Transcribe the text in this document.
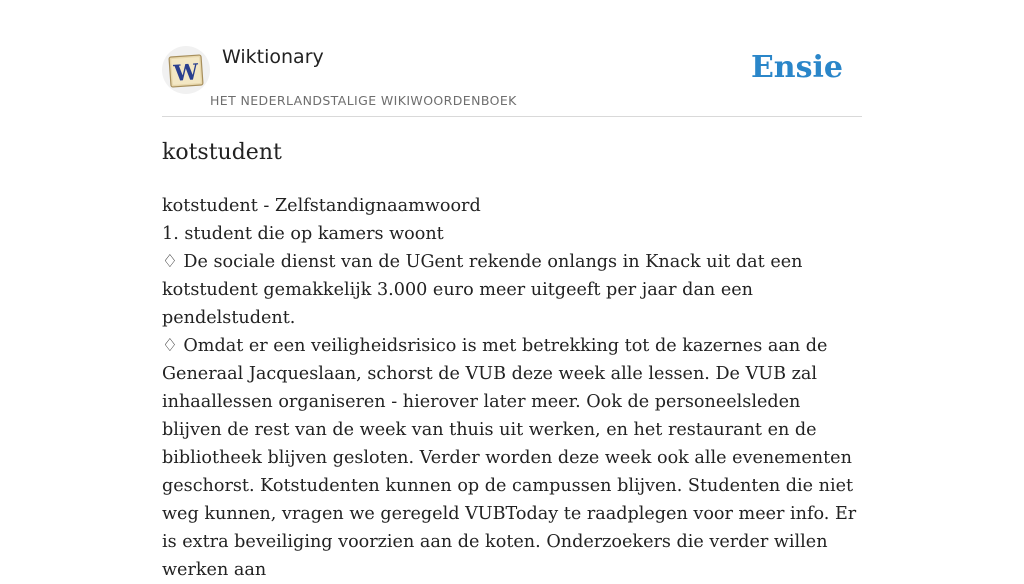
W
Wiktionary
HET NEDERLANDSTALIGE WIKIWOORDENBOEK
Ensie
kotstudent

kotstudent - Zelfstandignaamwoord

1. student die op kamers woont

♢ De sociale dienst van de UGent rekende onlangs in Knack uit dat een kotstudent gemakkelijk 3.000 euro meer uitgeeft per jaar dan een pendelstudent.

♢ Omdat er een veiligheidsrisico is met betrekking tot de kazernes aan de Generaal Jacqueslaan, schorst de VUB deze week alle lessen. De VUB zal inhaallessen organiseren - hierover later meer. Ook de personeelsleden blijven de rest van de week van thuis uit werken, en het restaurant en de bibliotheek blijven gesloten. Verder worden deze week ook alle evenementen geschorst. Kotstudenten kunnen op de campussen blijven. Studenten die niet weg kunnen, vragen we geregeld VUBToday te raadplegen voor meer info. Er is extra beveiliging voorzien aan de koten. Onderzoekers die verder willen werken aan
